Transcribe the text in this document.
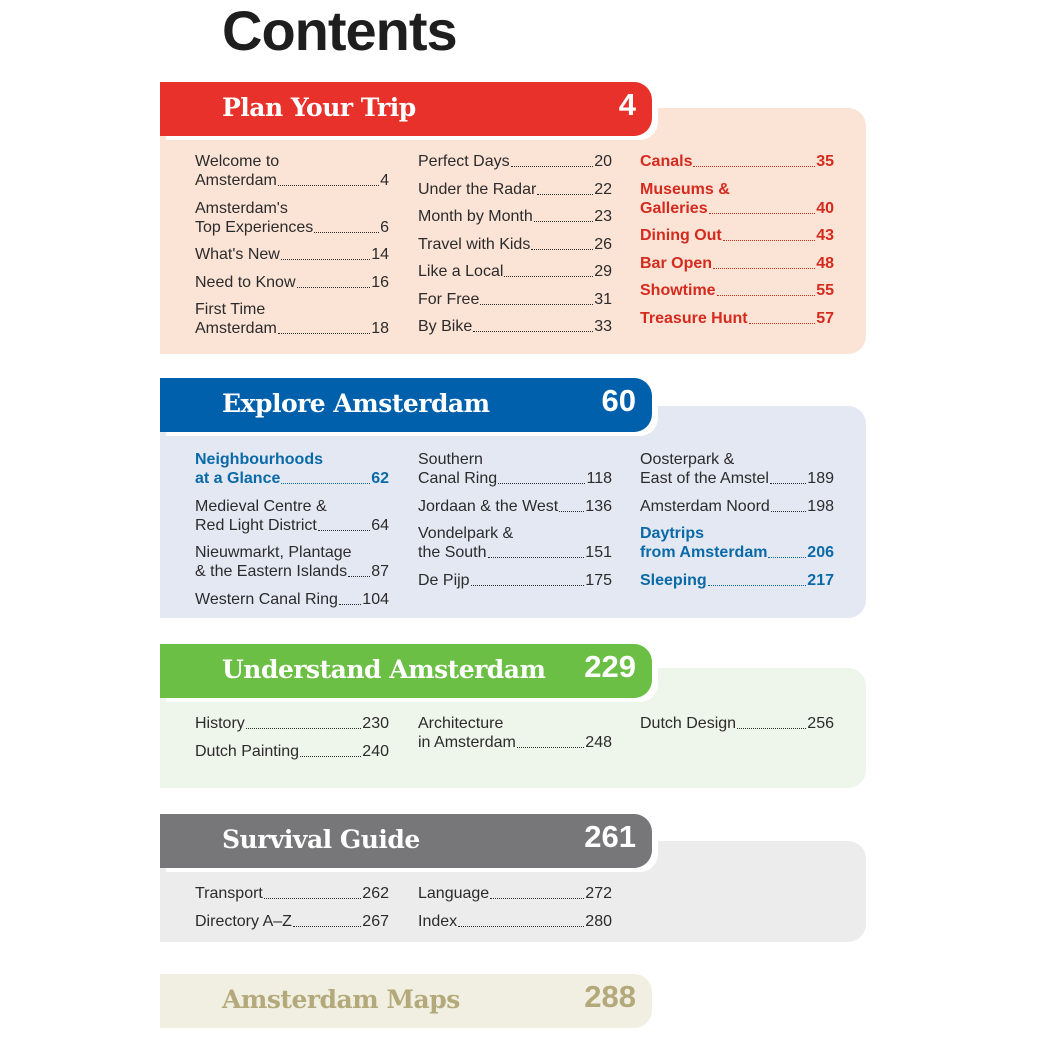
Contents
Plan Your Trip	4
Welcome to
Amsterdam	4
Amsterdam's
Top Experiences	6
What's New	14
Need to Know	16
First Time
Amsterdam	18
Perfect Days	20
Under the Radar	22
Month by Month	23
Travel with Kids	26
Like a Local	29
For Free	31
By Bike	33
Canals	35
Museums &
Galleries	40
Dining Out	43
Bar Open	48
Showtime	55
Treasure Hunt	57
Explore Amsterdam	60
Neighbourhoods
at a Glance	62
Medieval Centre &
Red Light District	64
Nieuwmarkt, Plantage
& the Eastern Islands 87
Western Canal Ring 104
Southern
Canal Ring	118
Jordaan & the West 136
Vondelpark &
the South	151
De Pijp	175
Oosterpark &
East of the Amstel 189
Amsterdam Noord 198
Daytrips
from Amsterdam 206
Sleeping	217
Understand Amsterdam 229
History	230
Dutch Painting	240
Architecture
in Amsterdam	248
Dutch Design	256
Survival Guide	261
Transport	262
Directory A–Z	267
Language	272
Index	280
Amsterdam Maps	288
